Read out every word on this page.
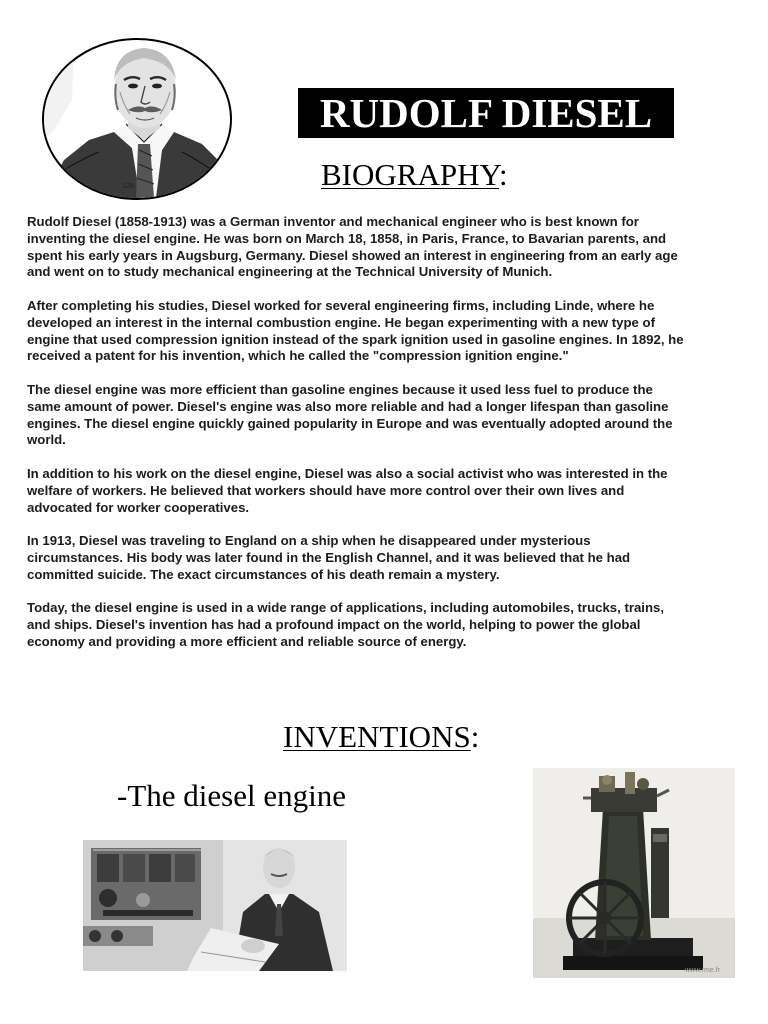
128
RUDOLF DIESEL
BIOGRAPHY:

Rudolf Diesel (1858-1913) was a German inventor and mechanical engineer who is best known for inventing the diesel engine. He was born on March 18, 1858, in Paris, France, to Bavarian parents, and spent his early years in Augsburg, Germany. Diesel showed an interest in engineering from an early age and went on to study mechanical engineering at the Technical University of Munich.

After completing his studies, Diesel worked for several engineering firms, including Linde, where he developed an interest in the internal combustion engine. He began experimenting with a new type of engine that used compression ignition instead of the spark ignition used in gasoline engines. In 1892, he received a patent for his invention, which he called the "compression ignition engine."

The diesel engine was more efficient than gasoline engines because it used less fuel to produce the same amount of power. Diesel's engine was also more reliable and had a longer lifespan than gasoline engines. The diesel engine quickly gained popularity in Europe and was eventually adopted around the world.

In addition to his work on the diesel engine, Diesel was also a social activist who was interested in the welfare of workers. He believed that workers should have more control over their own lives and advocated for worker cooperatives.

In 1913, Diesel was traveling to England on a ship when he disappeared under mysterious circumstances. His body was later found in the English Channel, and it was believed that he had committed suicide. The exact circumstances of his death remain a mystery.

Today, the diesel engine is used in a wide range of applications, including automobiles, trucks, trains, and ships. Diesel's invention has had a profound impact on the world, helping to power the global economy and providing a more efficient and reliable source of energy.

INVENTIONS:
-The diesel engine
www.rme.fr
